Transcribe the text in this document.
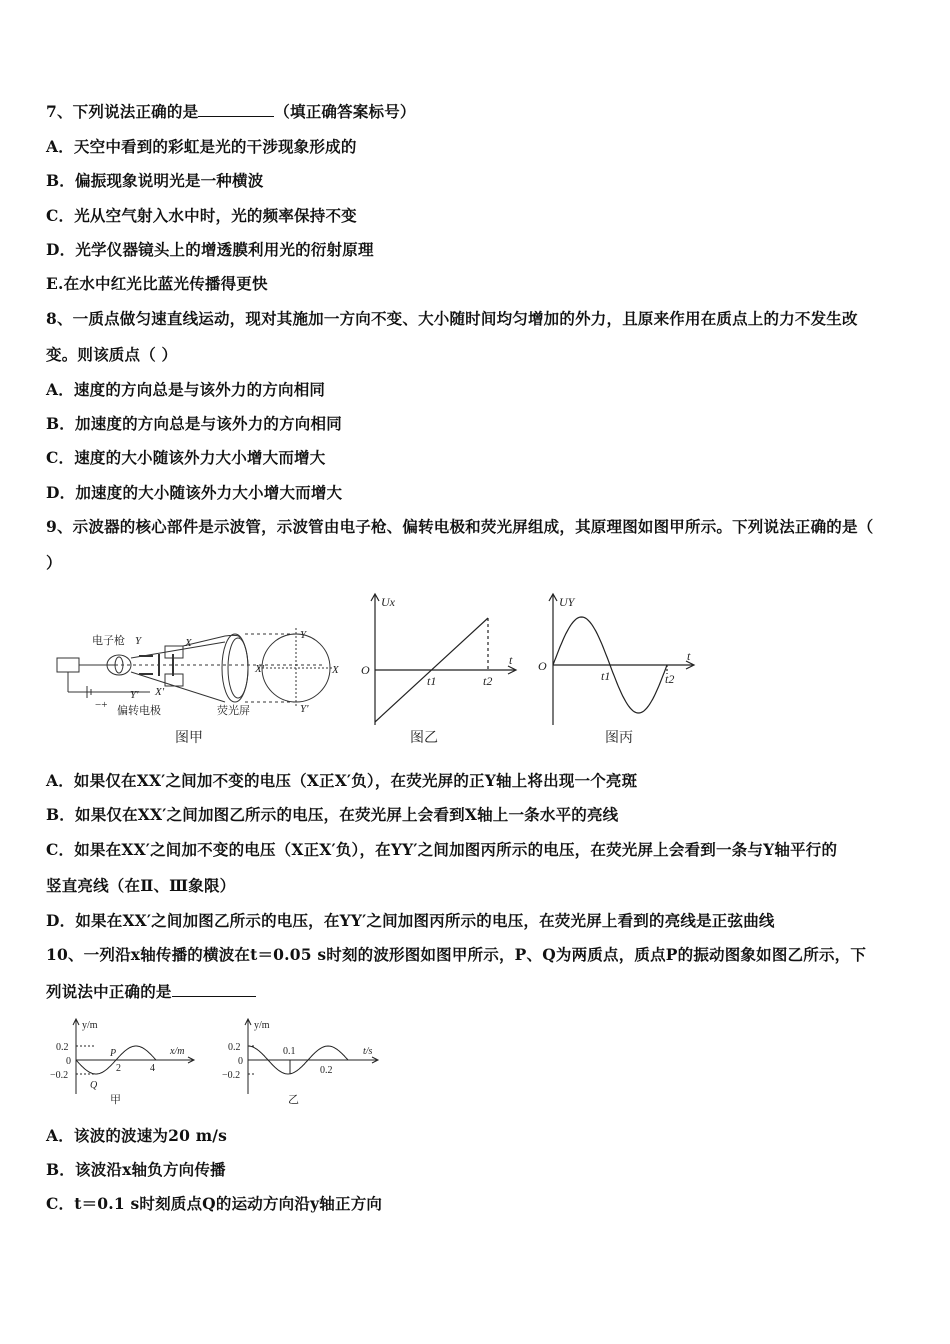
7、下列说法正确的是	（填正确答案标号）
A．天空中看到的彩虹是光的干涉现象形成的
B．偏振现象说明光是一种横波
C．光从空气射入水中时，光的频率保持不变
D．光学仪器镜头上的增透膜利用光的衍射原理
E.在水中红光比蓝光传播得更快
8、一质点做匀速直线运动，现对其施加一方向不变、大小随时间均匀增加的外力，且原来作用在质点上的力不发生改
变。则该质点（ ）
A．速度的方向总是与该外力的方向相同
B．加速度的方向总是与该外力的方向相同
C．速度的大小随该外力大小增大而增大
D．加速度的大小随该外力大小增大而增大
9、示波器的核心部件是示波管，示波管由电子枪、偏转电极和荧光屏组成，其原理图如图甲所示。下列说法正确的是（
）
电子枪 Y	X
Y' X'
−+ 偏转电极	荧光屏
Y
Y'
X'	X
图甲
Ux
O
t1	t2
t
图乙
UY
O
t1	t2
t
图丙
A．如果仅在XX′之间加不变的电压（X正X′负），在荧光屏的正Y轴上将出现一个亮斑
B．如果仅在XX′之间加图乙所示的电压，在荧光屏上会看到X轴上一条水平的亮线
C．如果在XX′之间加不变的电压（X正X′负），在YY′之间加图丙所示的电压，在荧光屏上会看到一条与Y轴平行的
竖直亮线（在Ⅱ、Ⅲ象限）
D．如果在XX′之间加图乙所示的电压，在YY′之间加图丙所示的电压，在荧光屏上看到的亮线是正弦曲线
10、一列沿x轴传播的横波在t＝0.05 s时刻的波形图如图甲所示，P、Q为两质点，质点P的振动图象如图乙所示，下
列说法中正确的是
y/m
x/m
0.2
0
−0.2
2	4
P
Q
甲
y/m
t/s
0.2
0
−0.2
0.1
0.2
乙
A．该波的波速为20 m/s
B．该波沿x轴负方向传播
C．t＝0.1 s时刻质点Q的运动方向沿y轴正方向
